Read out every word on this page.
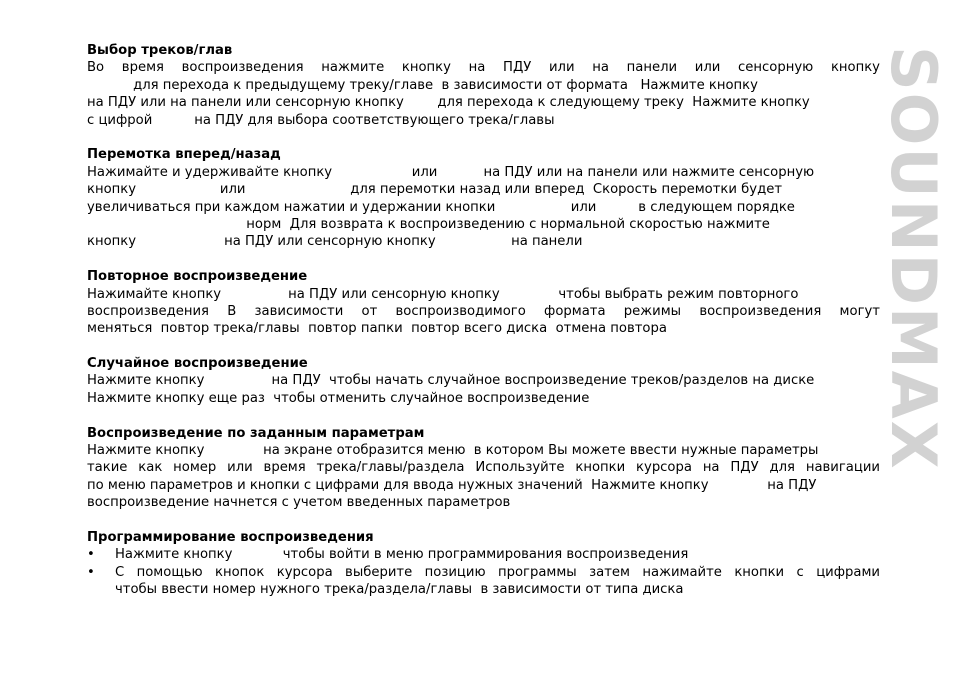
Выбор треков/глав
Во время воспроизведения нажмите кнопку на ПДУ или на панели или сенсорную кнопку
для перехода к предыдущему треку/главе  в зависимости от формата   Нажмите кнопку
на ПДУ или на панели или сенсорную кнопку        для перехода к следующему треку  Нажмите кнопку
с цифрой          на ПДУ для выбора соответствующего трека/главы
Перемотка вперед/назад
Нажимайте и удерживайте кнопку                   или           на ПДУ или на панели или нажмите сенсорную
кнопку                    или                         для перемотки назад или вперед  Скорость перемотки будет
увеличиваться при каждом нажатии и удержании кнопки                  или          в следующем порядке
норм  Для возврата к воспроизведению с нормальной скоростью нажмите
кнопку                     на ПДУ или сенсорную кнопку                  на панели
Повторное воспроизведение
Нажимайте кнопку                на ПДУ или сенсорную кнопку              чтобы выбрать режим повторного
воспроизведения В зависимости от воспроизводимого формата режимы воспроизведения могут
меняться  повтор трека/главы  повтор папки  повтор всего диска  отмена повтора
Случайное воспроизведение
Нажмите кнопку                на ПДУ  чтобы начать случайное воспроизведение треков/разделов на диске
Нажмите кнопку еще раз  чтобы отменить случайное воспроизведение
Воспроизведение по заданным параметрам
Нажмите кнопку              на экране отобразится меню  в котором Вы можете ввести нужные параметры
такие как номер или время трека/главы/раздела Используйте кнопки курсора на ПДУ для навигации
по меню параметров и кнопки с цифрами для ввода нужных значений  Нажмите кнопку              на ПДУ
воспроизведение начнется с учетом введенных параметров
Программирование воспроизведения
• Нажмите кнопку            чтобы войти в меню программирования воспроизведения
• С помощью кнопок курсора выберите позицию программы затем нажимайте кнопки с цифрами
чтобы ввести номер нужного трека/раздела/главы  в зависимости от типа диска
SOUNDMAX
